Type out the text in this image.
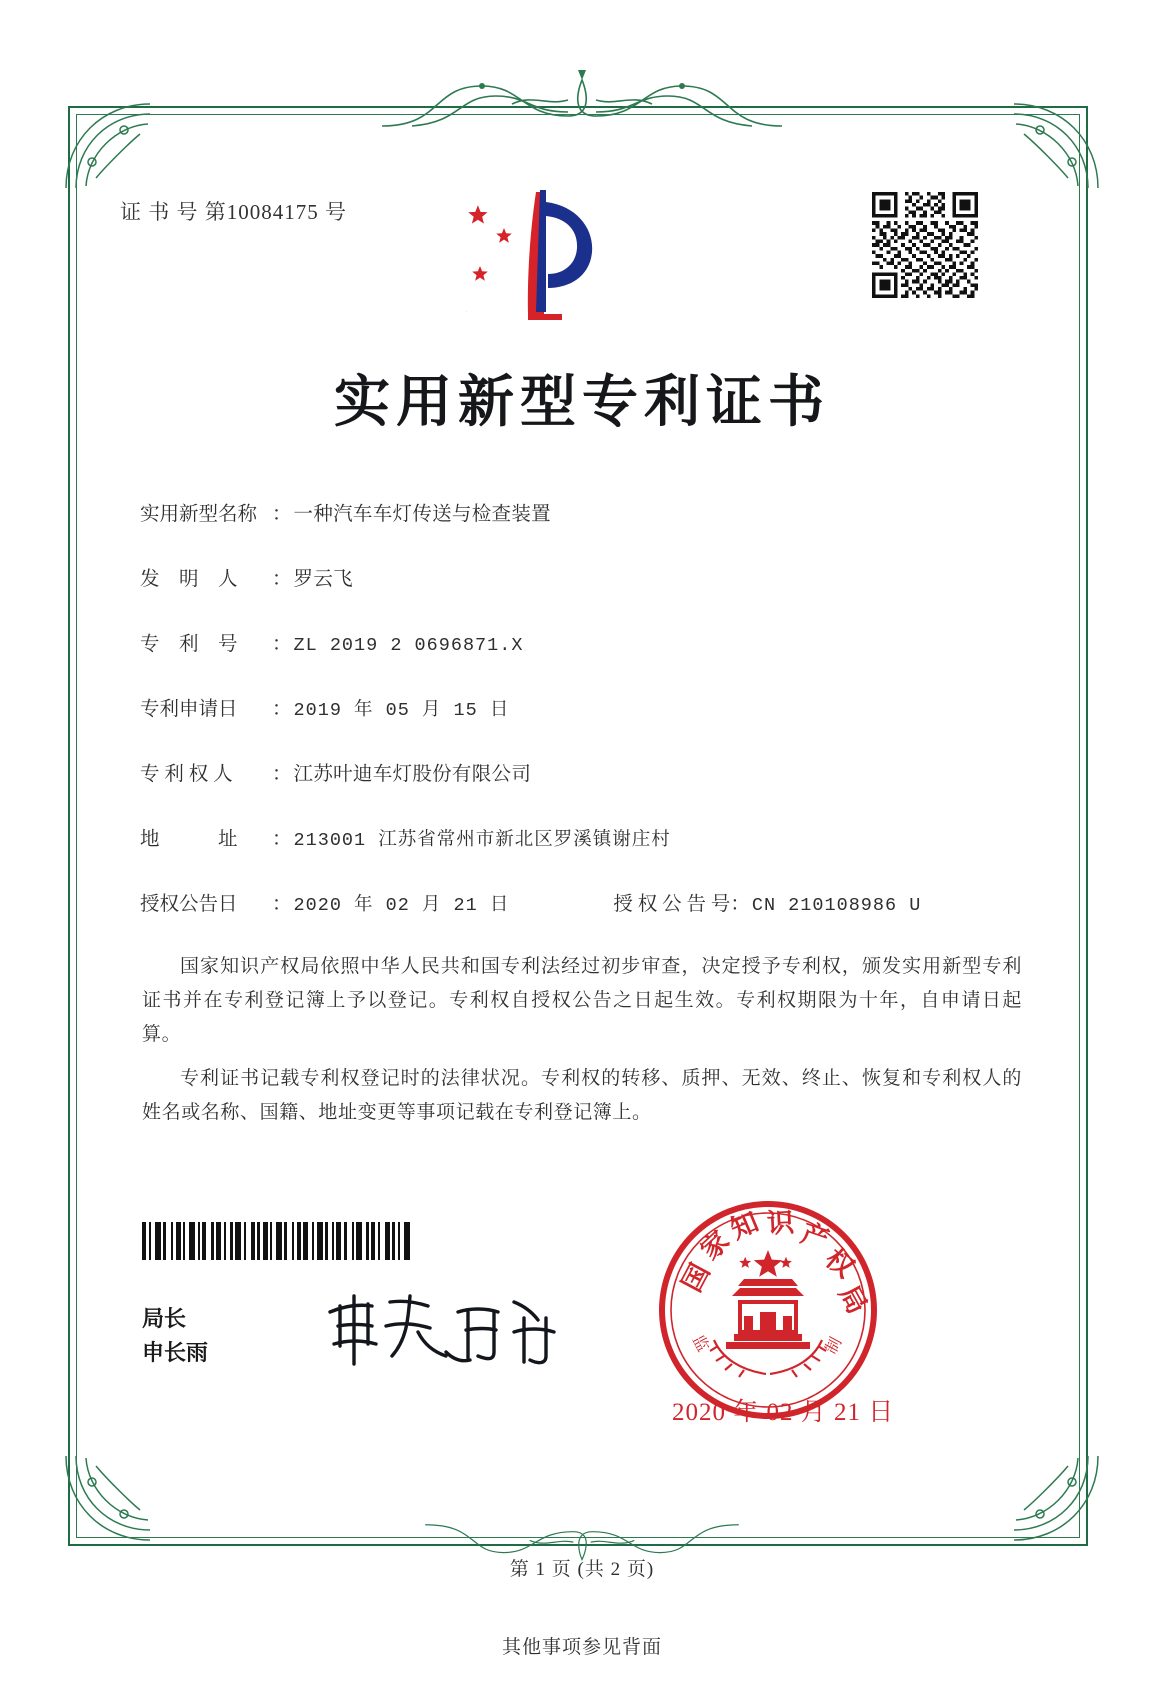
证 书 号 第10084175 号
实用新型专利证书
实用新型名称 ： 一种汽车车灯传送与检查装置
发　明　人	： 罗云飞
专　利　号	： ZL 2019 2 0696871.X
专利申请日	： 2019 年 05 月 15 日
专 利 权 人	： 江苏叶迪车灯股份有限公司
地　　　址	： 213001 江苏省常州市新北区罗溪镇谢庄村
授权公告日	： 2020 年 02 月 21 日	授 权 公 告 号 ： CN 210108986 U

国家知识产权局依照中华人民共和国专利法经过初步审查，决定授予专利权，颁发实用新型专利证书并在专利登记簿上予以登记。专利权自授权公告之日起生效。专利权期限为十年，自申请日起算。

专利证书记载专利权登记时的法律状况。专利权的转移、质押、无效、终止、恢复和专利权人的姓名或名称、国籍、地址变更等事项记载在专利登记簿上。

局长
申长雨
国
家
知 识 产
权
局
监	制
2020 年 02 月 21 日
第 1 页 (共 2 页)
其他事项参见背面
